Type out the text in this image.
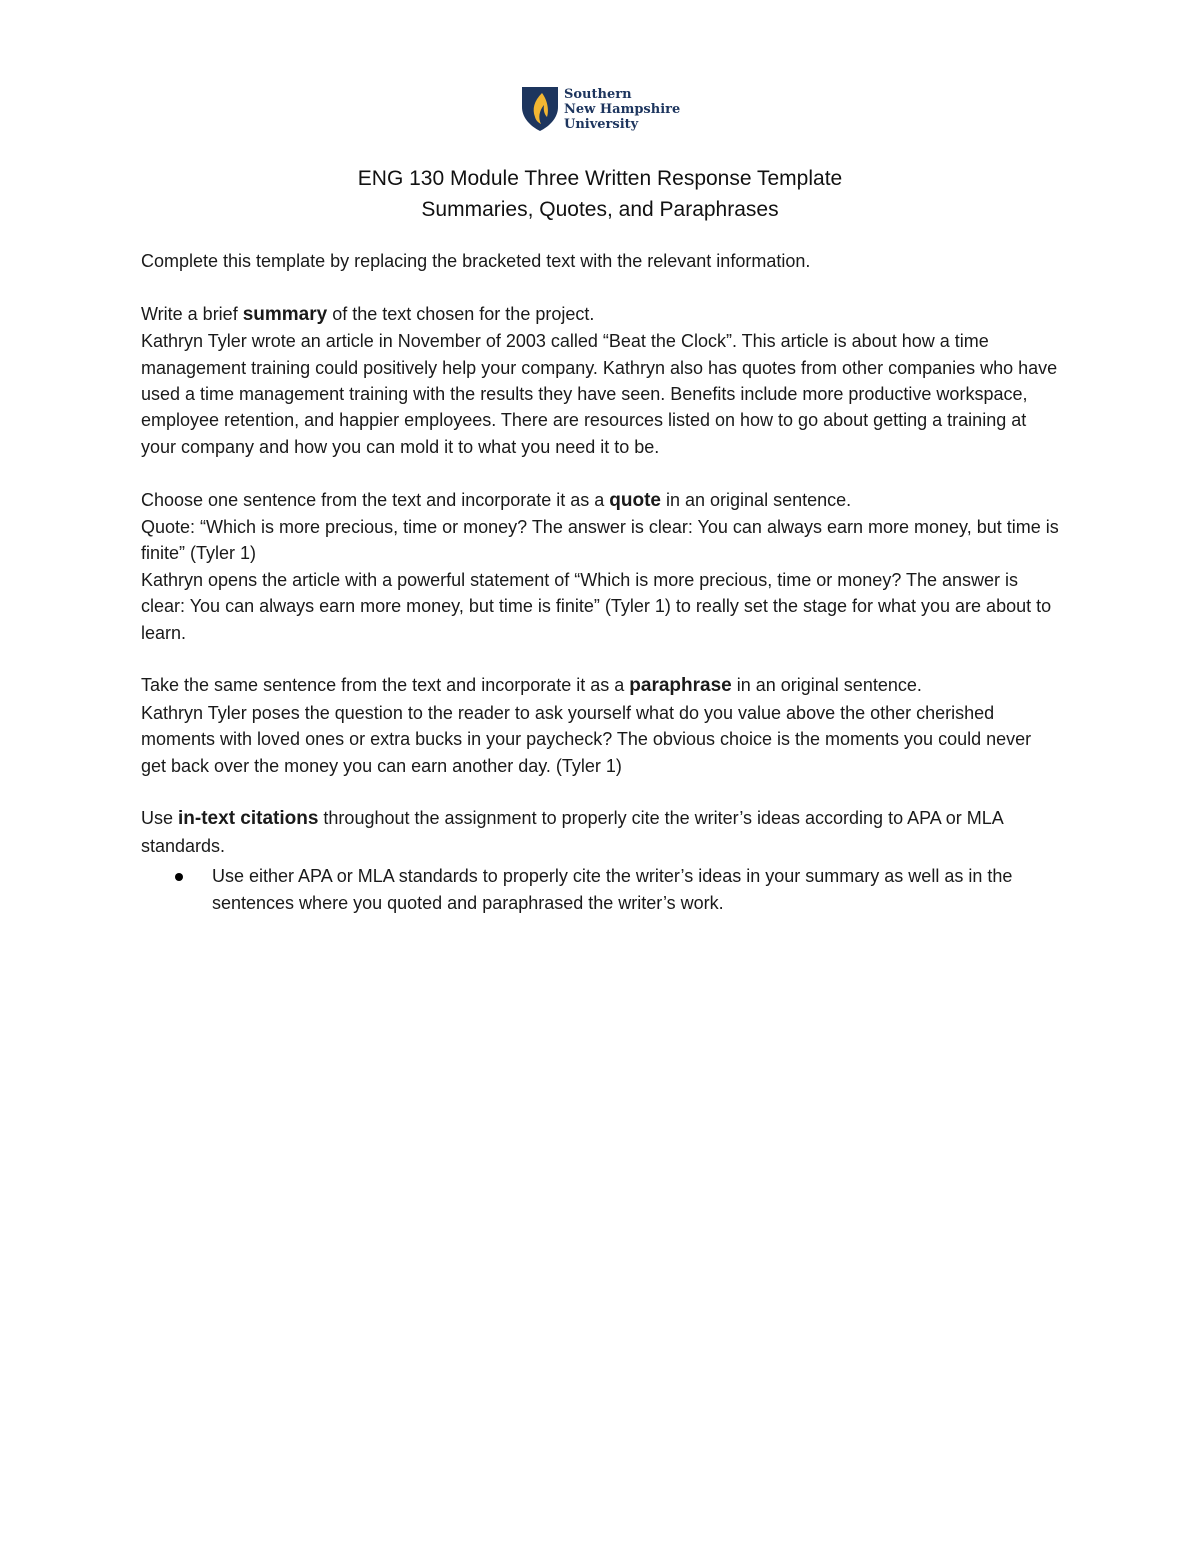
Southern
New Hampshire
University
ENG 130 Module Three Written Response Template
Summaries, Quotes, and Paraphrases

Complete this template by replacing the bracketed text with the relevant information.

Write a brief summary of the text chosen for the project.

Kathryn Tyler wrote an article in November of 2003 called “Beat the Clock”. This article is about how a time management training could positively help your company. Kathryn also has quotes from other companies who have used a time management training with the results they have seen. Benefits include more productive workspace, employee retention, and happier employees. There are resources listed on how to go about getting a training at your company and how you can mold it to what you need it to be.

Choose one sentence from the text and incorporate it as a quote in an original sentence.

Quote: “Which is more precious, time or money? The answer is clear: You can always earn more money, but time is finite” (Tyler 1)

Kathryn opens the article with a powerful statement of “Which is more precious, time or money? The answer is clear: You can always earn more money, but time is finite” (Tyler 1) to really set the stage for what you are about to learn.

Take the same sentence from the text and incorporate it as a paraphrase in an original sentence.

Kathryn Tyler poses the question to the reader to ask yourself what do you value above the other cherished moments with loved ones or extra bucks in your paycheck? The obvious choice is the moments you could never get back over the money you can earn another day. (Tyler 1)

Use in-text citations throughout the assignment to properly cite the writer’s ideas according to APA or MLA standards.

Use either APA or MLA standards to properly cite the writer’s ideas in your summary as well as in the sentences where you quoted and paraphrased the writer’s work.
